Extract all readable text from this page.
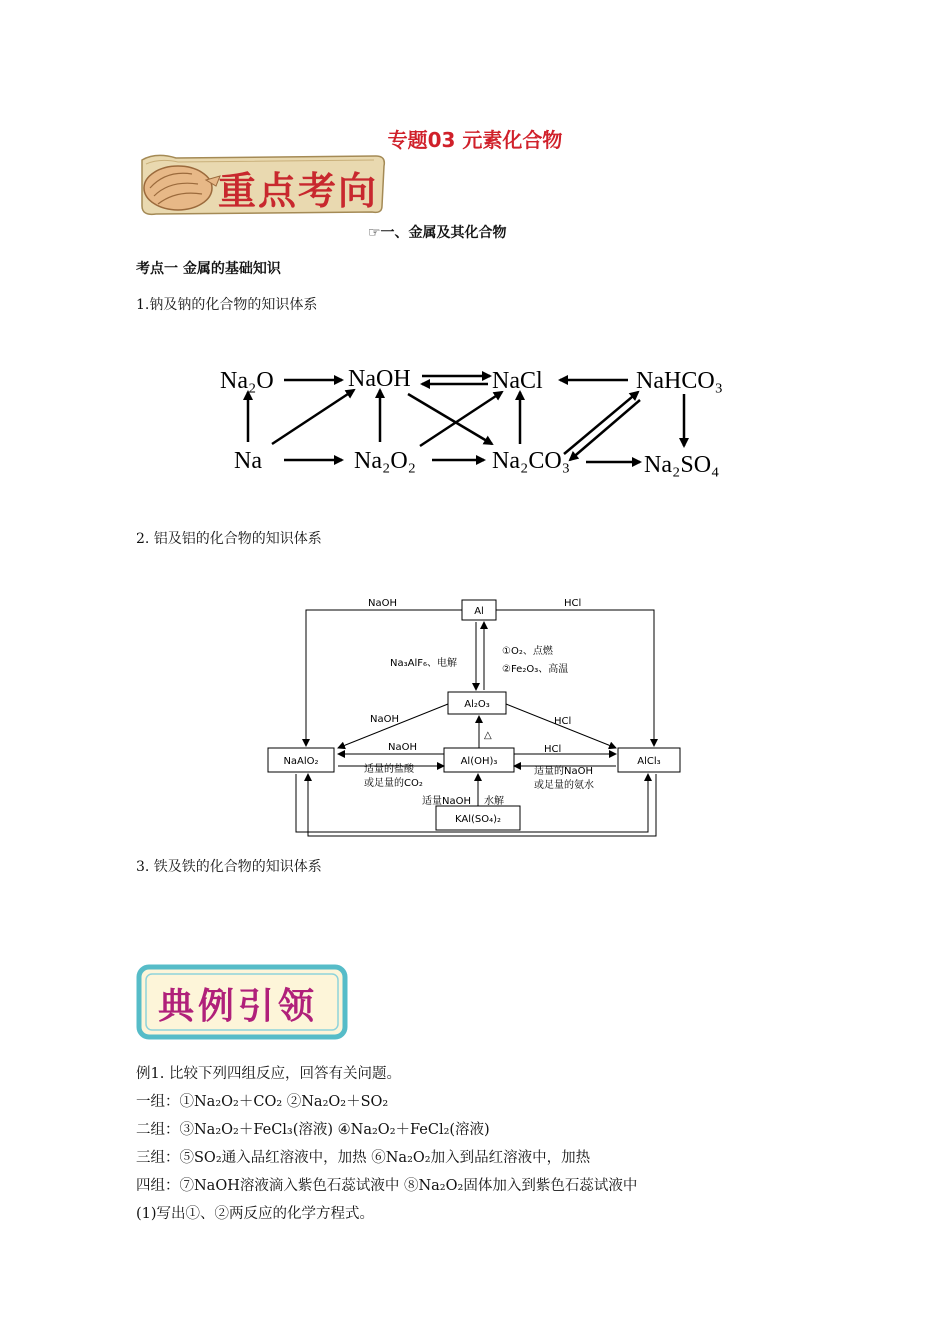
专题03 元素化合物
重点考向
☞一、金属及其化合物
考点一 金属的基础知识
1.钠及钠的化合物的知识体系
Na₂O	NaOH	NaCl	NaHCO₃
Na	Na₂O₂	Na₂CO₃	Na₂SO₄
2. 铝及铝的化合物的知识体系
Al
Al₂O₃
NaAlO₂	Al(OH)₃	AlCl₃
KAl(SO₄)₂
NaOH	HCl
①O₂、点燃
②Fe₂O₃、高温
Na₃AlF₆、电解
NaOH	HCl
NaOH	HCl
△
适量的盐酸
或足量的CO₂
适量的NaOH
或足量的氨水
适量NaOH 水解
3. 铁及铁的化合物的知识体系
典例引领
例1. 比较下列四组反应，回答有关问题。
一组：①Na₂O₂＋CO₂ ②Na₂O₂＋SO₂
二组：③Na₂O₂＋FeCl₃(溶液) ④Na₂O₂＋FeCl₂(溶液)
三组：⑤SO₂通入品红溶液中，加热 ⑥Na₂O₂加入到品红溶液中，加热
四组：⑦NaOH溶液滴入紫色石蕊试液中 ⑧Na₂O₂固体加入到紫色石蕊试液中
(1)写出①、②两反应的化学方程式。
